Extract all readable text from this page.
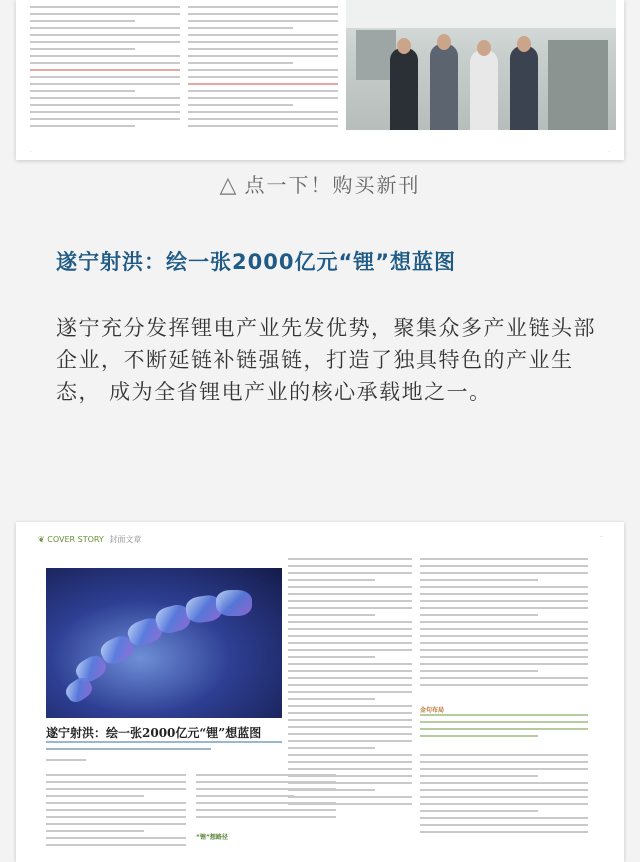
·	·
△ 点一下！购买新刊
遂宁射洪：绘一张2000亿元“锂”想蓝图

遂宁充分发挥锂电产业先发优势，聚集众多产业链头部企业，不断延链补链强链，打造了独具特色的产业生态， 成为全省锂电产业的核心承载地之一。

❦ COVER STORY 封面文章	·
遂宁射洪：绘一张2000亿元“锂”想蓝图
金句布局
“锂”想路径
